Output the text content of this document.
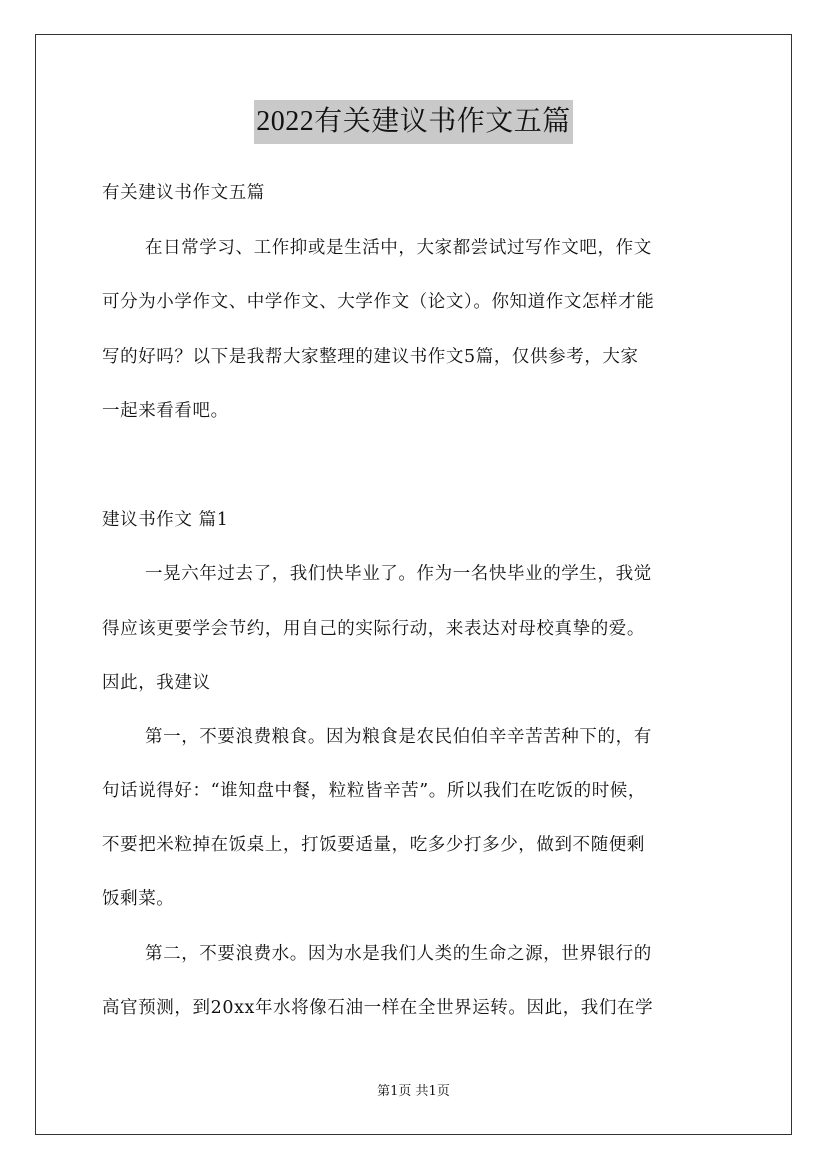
2022有关建议书作文五篇
有关建议书作文五篇
在日常学习、工作抑或是生活中，大家都尝试过写作文吧，作文
可分为小学作文、中学作文、大学作文（论文）。你知道作文怎样才能
写的好吗？以下是我帮大家整理的建议书作文5篇，仅供参考，大家
一起来看看吧。
建议书作文 篇1
一晃六年过去了，我们快毕业了。作为一名快毕业的学生，我觉
得应该更要学会节约，用自己的实际行动，来表达对母校真挚的爱。
因此，我建议
第一，不要浪费粮食。因为粮食是农民伯伯辛辛苦苦种下的，有
句话说得好：“谁知盘中餐，粒粒皆辛苦”。所以我们在吃饭的时候，
不要把米粒掉在饭桌上，打饭要适量，吃多少打多少，做到不随便剩
饭剩菜。
第二，不要浪费水。因为水是我们人类的生命之源，世界银行的
高官预测，到20xx年水将像石油一样在全世界运转。因此，我们在学
第1页 共1页
